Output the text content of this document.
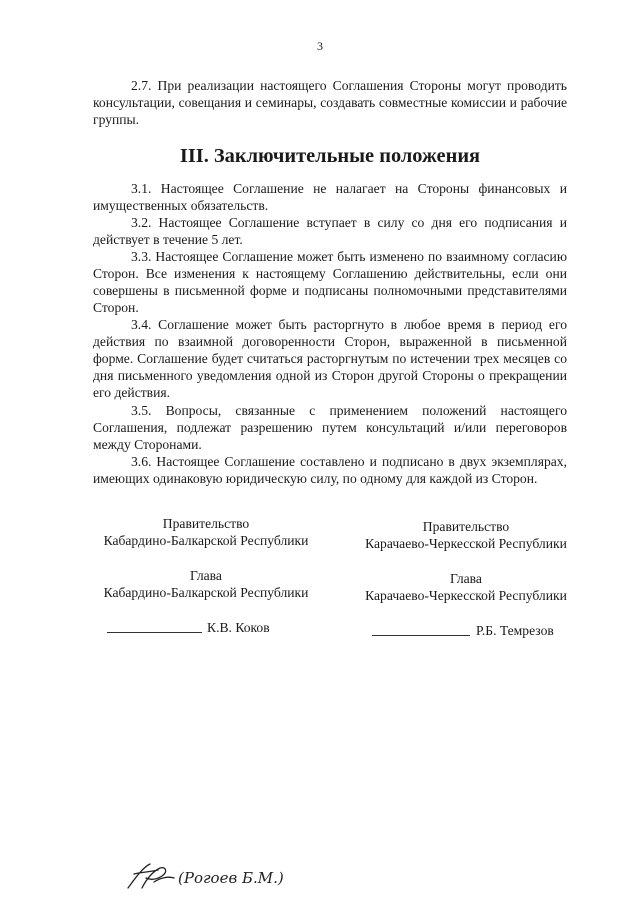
3

2.7. При реализации настоящего Соглашения Стороны могут проводить консультации, совещания и семинары, создавать совместные комиссии и рабочие группы.

III. Заключительные положения

3.1. Настоящее Соглашение не налагает на Стороны финансовых и имущественных обязательств.

3.2. Настоящее Соглашение вступает в силу со дня его подписания и действует в течение 5 лет.

3.3. Настоящее Соглашение может быть изменено по взаимному согласию Сторон. Все изменения к настоящему Соглашению действительны, если они совершены в письменной форме и подписаны полномочными представителями Сторон.

3.4. Соглашение может быть расторгнуто в любое время в период его действия по взаимной договоренности Сторон, выраженной в письменной форме. Соглашение будет считаться расторгнутым по истечении трех месяцев со дня письменного уведомления одной из Сторон другой Стороны о прекращении его действия.

3.5. Вопросы, связанные с применением положений настоящего Соглашения, подлежат разрешению путем консультаций и/или переговоров между Сторонами.

3.6. Настоящее Соглашение составлено и подписано в двух экземплярах, имеющих одинаковую юридическую силу, по одному для каждой из Сторон.

Правительство
Кабардино-Балкарской Республики
Правительство
Карачаево-Черкесской Республики
Глава
Кабардино-Балкарской Республики
Глава
Карачаево-Черкесской Республики
К.В. Коков	Р.Б. Темрезов
(Рогоев Б.М.)
